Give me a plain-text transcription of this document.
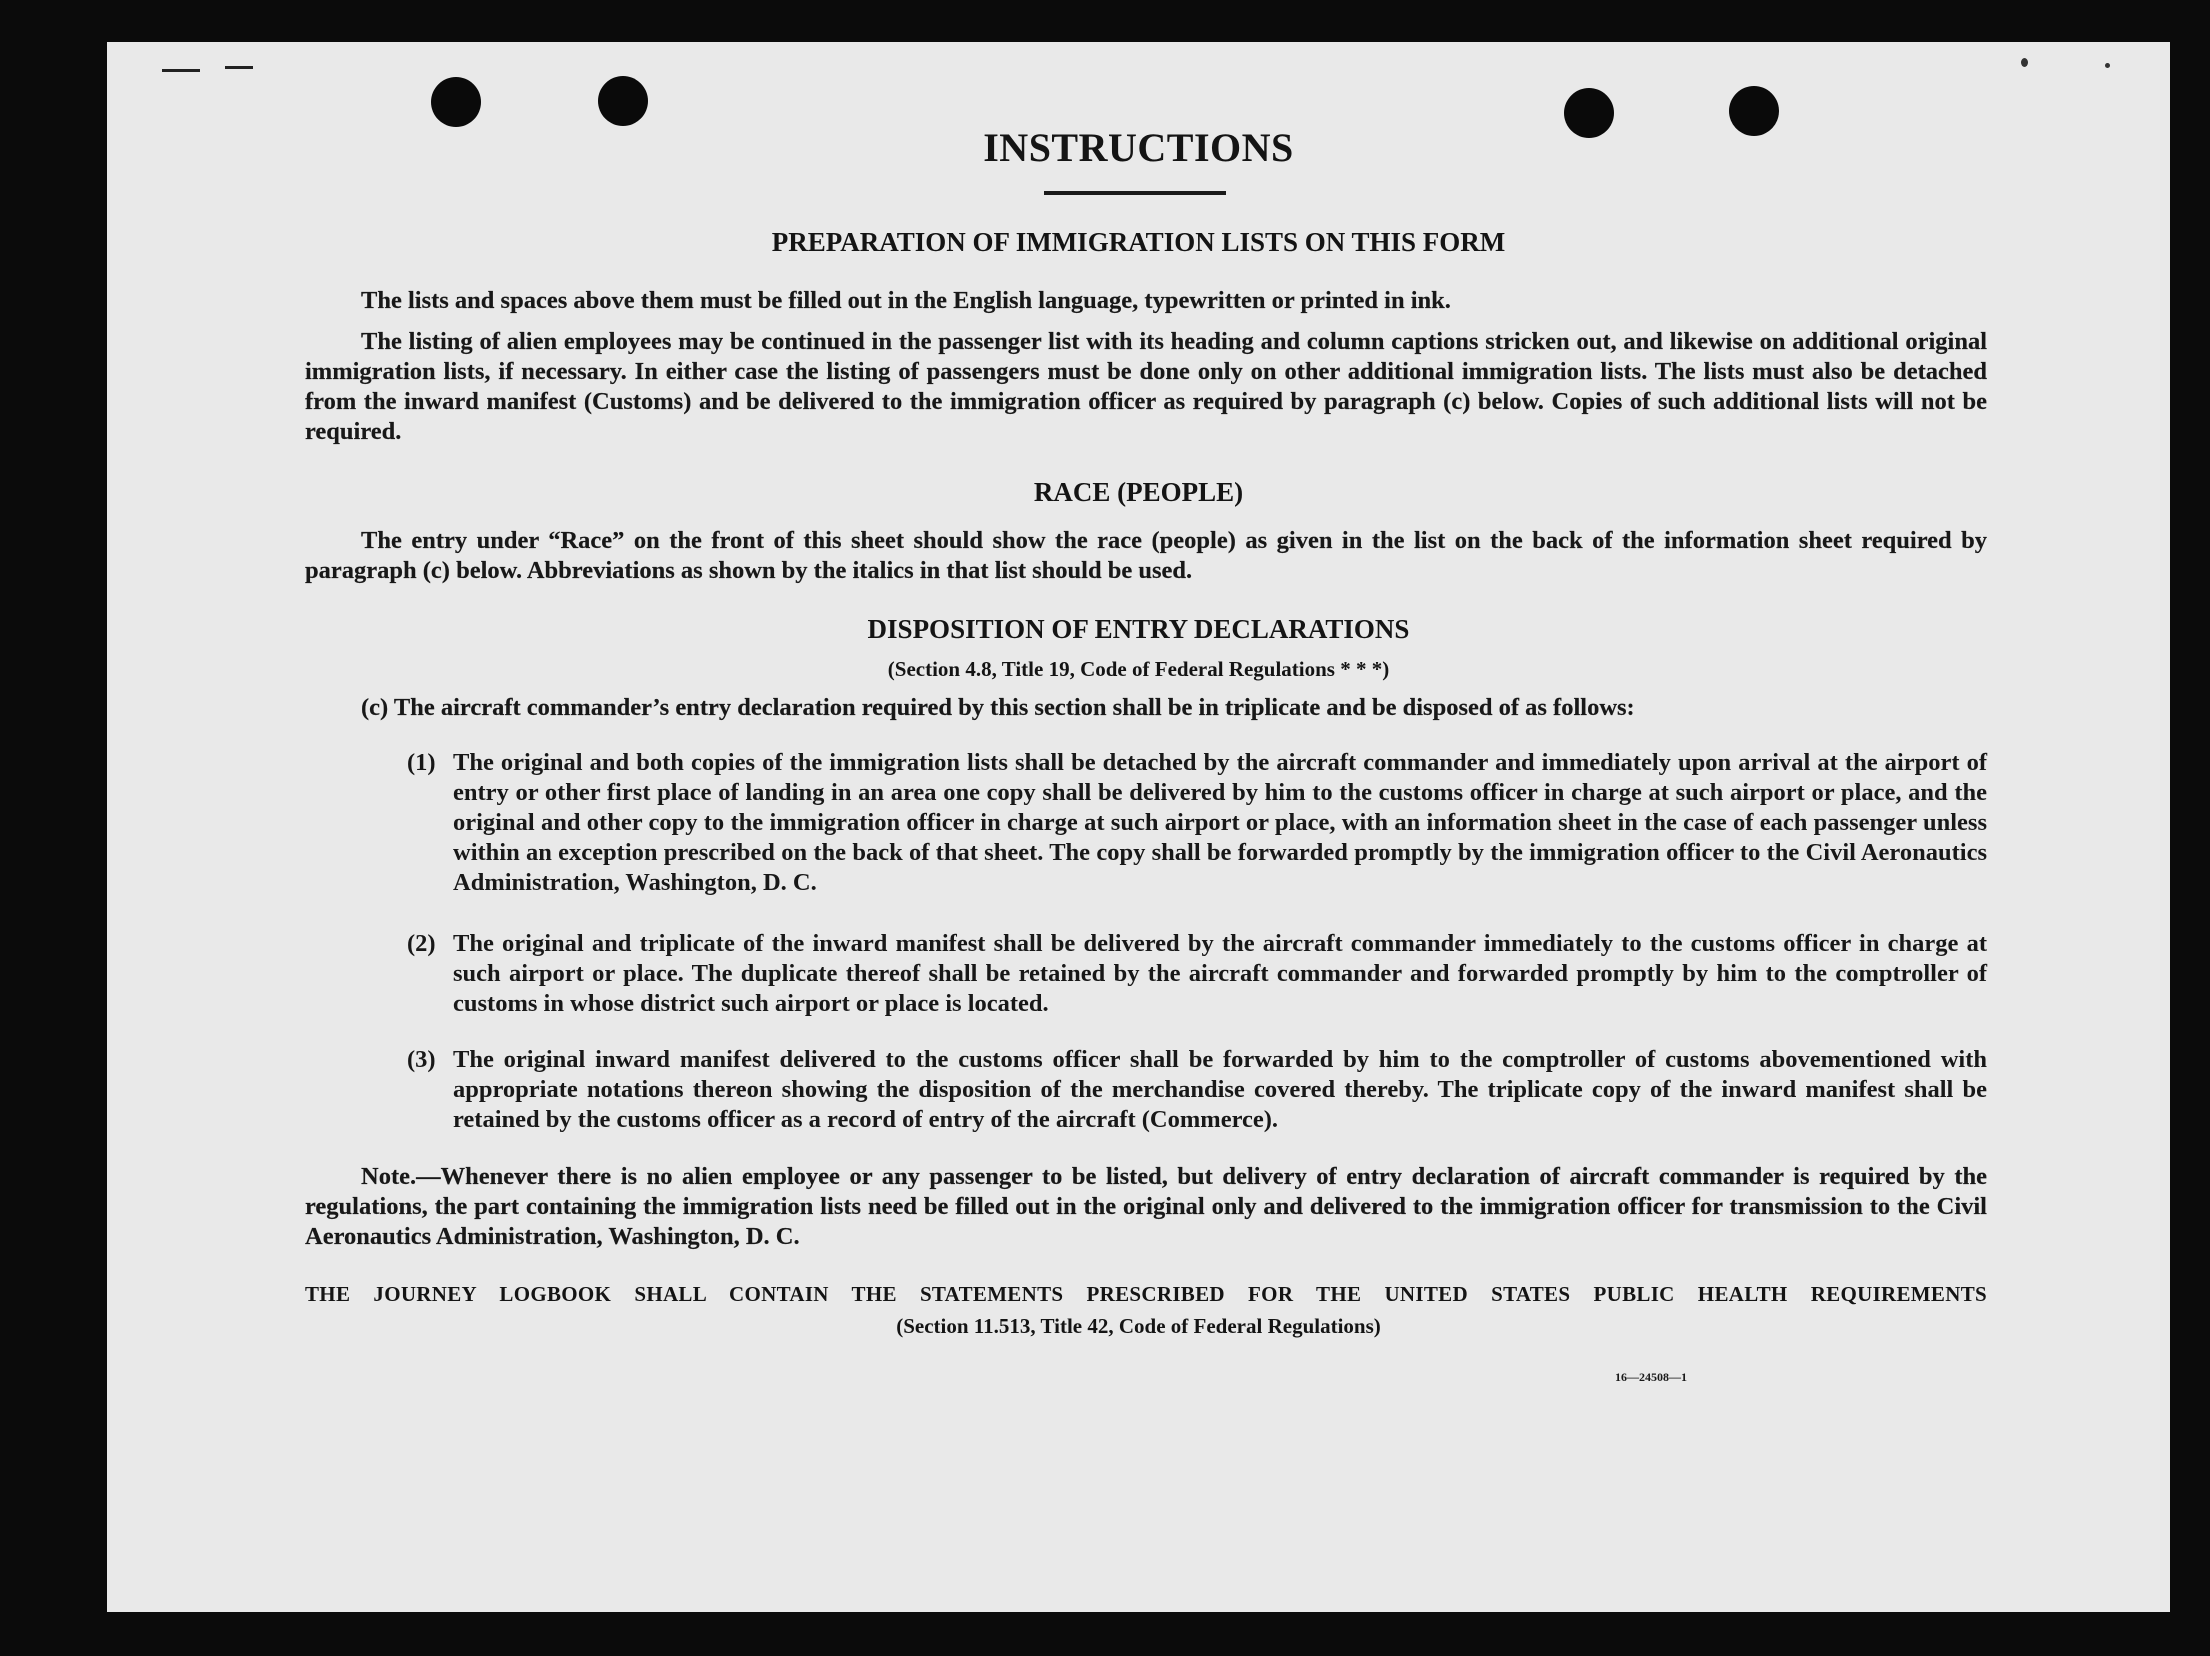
INSTRUCTIONS
PREPARATION OF IMMIGRATION LISTS ON THIS FORM
The lists and spaces above them must be filled out in the English language, typewritten or printed in ink.
The listing of alien employees may be continued in the passenger list with its heading and column captions stricken out, and likewise on additional original immigration lists, if necessary. In either case the listing of passengers must be done only on other additional immigration lists. The lists must also be detached from the inward manifest (Customs) and be delivered to the immigration officer as required by paragraph (c) below. Copies of such additional lists will not be required.
RACE (PEOPLE)
The entry under “Race” on the front of this sheet should show the race (people) as given in the list on the back of the information sheet required by paragraph (c) below. Abbreviations as shown by the italics in that list should be used.
DISPOSITION OF ENTRY DECLARATIONS
(Section 4.8, Title 19, Code of Federal Regulations * * *)
(c) The aircraft commander’s entry declaration required by this section shall be in triplicate and be disposed of as follows:
(1) The original and both copies of the immigration lists shall be detached by the aircraft commander and immediately upon arrival at the airport of entry or other first place of landing in an area one copy shall be delivered by him to the customs officer in charge at such airport or place, and the original and other copy to the immigration officer in charge at such airport or place, with an information sheet in the case of each passenger unless within an exception prescribed on the back of that sheet. The copy shall be forwarded promptly by the immigration officer to the Civil Aeronautics Administration, Washington, D. C.
(2) The original and triplicate of the inward manifest shall be delivered by the aircraft commander immediately to the customs officer in charge at such airport or place. The duplicate thereof shall be retained by the aircraft commander and forwarded promptly by him to the comptroller of customs in whose district such airport or place is located.
(3) The original inward manifest delivered to the customs officer shall be forwarded by him to the comptroller of customs abovementioned with appropriate notations thereon showing the disposition of the merchandise covered thereby. The triplicate copy of the inward manifest shall be retained by the customs officer as a record of entry of the aircraft (Commerce).
Note.—Whenever there is no alien employee or any passenger to be listed, but delivery of entry declaration of aircraft commander is required by the regulations, the part containing the immigration lists need be filled out in the original only and delivered to the immigration officer for transmission to the Civil Aeronautics Administration, Washington, D. C.
THE JOURNEY LOGBOOK SHALL CONTAIN THE STATEMENTS PRESCRIBED FOR THE UNITED STATES PUBLIC HEALTH REQUIREMENTS
(Section 11.513, Title 42, Code of Federal Regulations)
16—24508—1
